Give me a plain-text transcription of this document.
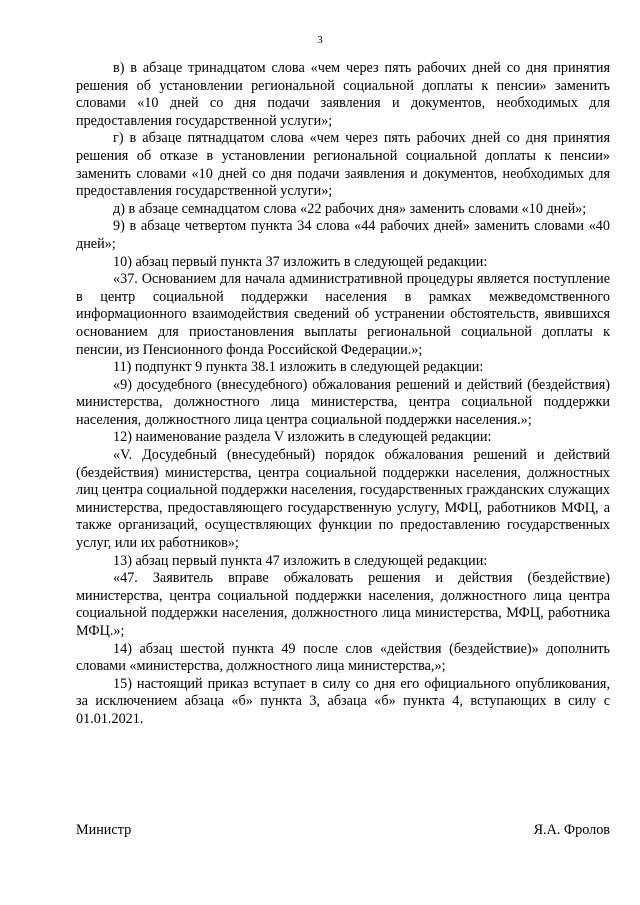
3

в) в абзаце тринадцатом слова «чем через пять рабочих дней со дня принятия решения об установлении региональной социальной доплаты к пенсии» заменить словами «10 дней со дня подачи заявления и документов, необходимых для предоставления государственной услуги»;

г) в абзаце пятнадцатом слова «чем через пять рабочих дней со дня принятия решения об отказе в установлении региональной социальной доплаты к пенсии» заменить словами «10 дней со дня подачи заявления и документов, необходимых для предоставления государственной услуги»;

д) в абзаце семнадцатом слова «22 рабочих дня» заменить словами «10 дней»;

9) в абзаце четвертом пункта 34 слова «44 рабочих дней» заменить словами «40 дней»;

10) абзац первый пункта 37 изложить в следующей редакции:

«37. Основанием для начала административной процедуры является поступление в центр социальной поддержки населения в рамках межведомственного информационного взаимодействия сведений об устранении обстоятельств, явившихся основанием для приостановления выплаты региональной социальной доплаты к пенсии, из Пенсионного фонда Российской Федерации.»;

11) подпункт 9 пункта 38.1 изложить в следующей редакции:

«9) досудебного (внесудебного) обжалования решений и действий (бездействия) министерства, должностного лица министерства, центра социальной поддержки населения, должностного лица центра социальной поддержки населения.»;

12) наименование раздела V изложить в следующей редакции:

«V. Досудебный (внесудебный) порядок обжалования решений и действий (бездействия) министерства, центра социальной поддержки населения, должностных лиц центра социальной поддержки населения, государственных гражданских служащих министерства, предоставляющего государственную услугу, МФЦ, работников МФЦ, а также организаций, осуществляющих функции по предоставлению государственных услуг, или их работников»;

13) абзац первый пункта 47 изложить в следующей редакции:

«47. Заявитель вправе обжаловать решения и действия (бездействие) министерства, центра социальной поддержки населения, должностного лица центра социальной поддержки населения, должностного лица министерства, МФЦ, работника МФЦ.»;

14) абзац шестой пункта 49 после слов «действия (бездействие)» дополнить словами «министерства, должностного лица министерства,»;

15) настоящий приказ вступает в силу со дня его официального опубликования, за исключением абзаца «б» пункта 3, абзаца «б» пункта 4, вступающих в силу с 01.01.2021.

Министр	Я.А. Фролов
